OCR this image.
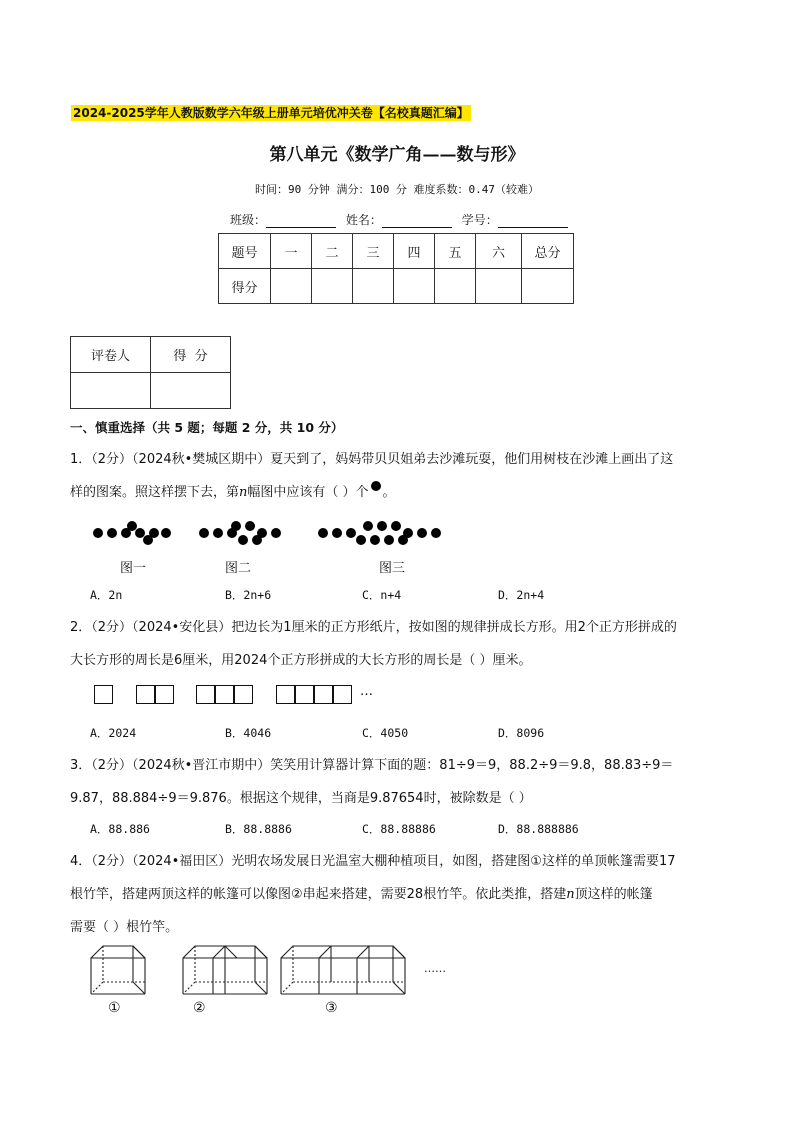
2024-2025学年人教版数学六年级上册单元培优冲关卷【名校真题汇编】
第八单元《数学广角——数与形》
时间：90 分钟 满分：100 分 难度系数：0.47（较难）
班级：	姓名：	学号：
题号	一	二	三	四	五	六	总分
得分							
评卷人	得  分

一、慎重选择（共 5 题；每题 2 分，共 10 分）
1．（2分）（2024秋•樊城区期中）夏天到了，妈妈带贝贝姐弟去沙滩玩耍，他们用树枝在沙滩上画出了这
样的图案。照这样摆下去，第n幅图中应该有（ ）个 。
图一	图二	图三
A．2n	B．2n+6	C．n+4	D．2n+4
2．（2分）（2024•安化县）把边长为1厘米的正方形纸片，按如图的规律拼成长方形。用2个正方形拼成的
大长方形的周长是6厘米，用2024个正方形拼成的大长方形的周长是（ ）厘米。
…
A．2024	B．4046	C．4050	D．8096
3．（2分）（2024秋•晋江市期中）笑笑用计算器计算下面的题：81÷9＝9，88.2÷9＝9.8，88.83÷9＝
9.87，88.884÷9＝9.876。根据这个规律，当商是9.87654时，被除数是（ ）
A．88.886	B．88.8886	C．88.88886	D．88.888886
4．（2分）（2024•福田区）光明农场发展日光温室大棚种植项目，如图，搭建图①这样的单顶帐篷需要17
根竹竿，搭建两顶这样的帐篷可以像图②串起来搭建，需要28根竹竿。依此类推，搭建n顶这样的帐篷
需要（ ）根竹竿。
……
①	②	③
